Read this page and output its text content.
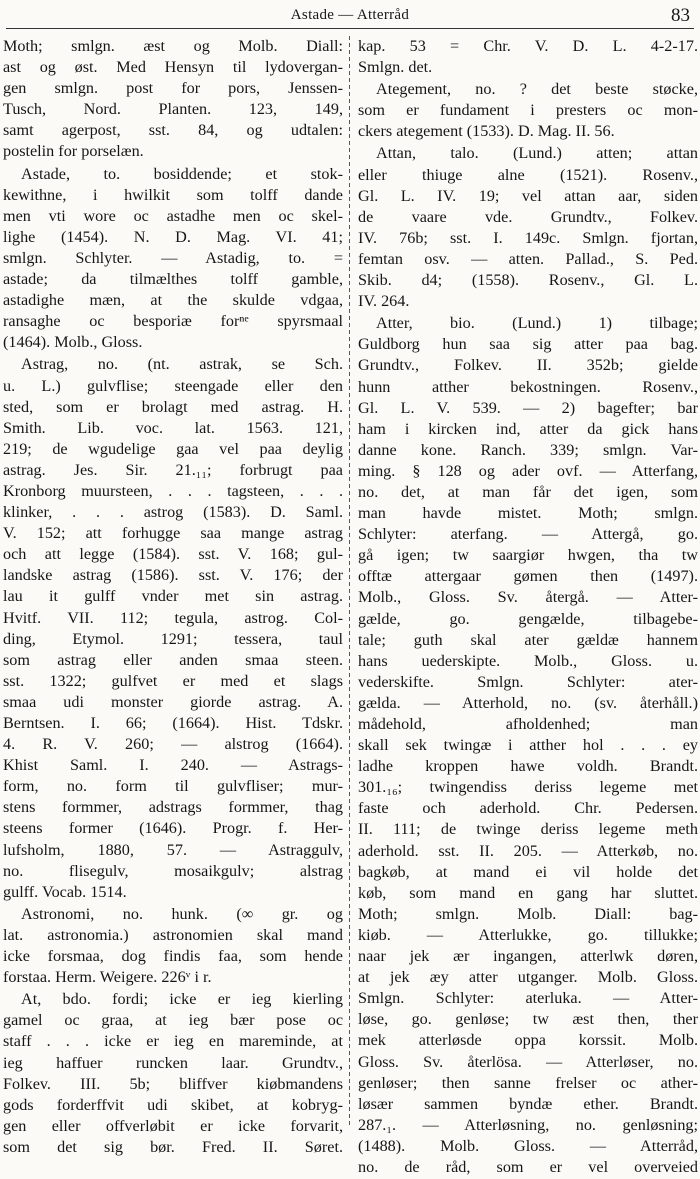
Astade — Atterråd	83
Moth; smlgn. æst og Molb. Diall:
ast og øst. Med Hensyn til lydovergan-
gen smlgn. post for pors, Jenssen-
Tusch, Nord. Planten. 123, 149,
samt agerpost, sst. 84, og udtalen:
postelin for porselæn.
Astade, to. bosiddende; et stok-
kewithne, i hwilkit som tolff dande
men vti wore oc astadhe men oc skel-
lighe (1454). N. D. Mag. VI. 41;
smlgn. Schlyter. — Astadig, to. =
astade; da tilmælthes tolff gamble,
astadighe mæn, at the skulde vdgaa,
ransaghe oc besporiæ forⁿᵉ spyrsmaal
(1464). Molb., Gloss.
Astrag, no. (nt. astrak, se Sch.
u. L.) gulvflise; steengade eller den
sted, som er brolagt med astrag. H.
Smith. Lib. voc. lat. 1563. 121,
219; de wgudelige gaa vel paa deylig
astrag. Jes. Sir. 21.₁₁; forbrugt paa
Kronborg muursteen, . . . tagsteen, . . .
klinker, . . . astrog (1583). D. Saml.
V. 152; att forhugge saa mange astrag
och att legge (1584). sst. V. 168; gul-
landske astrag (1586). sst. V. 176; der
lau it gulff vnder met sin astrag.
Hvitf. VII. 112; tegula, astrog. Col-
ding, Etymol. 1291; tessera, taul
som astrag eller anden smaa steen.
sst. 1322; gulfvet er med et slags
smaa udi monster giorde astrag. A.
Berntsen. I. 66; (1664). Hist. Tdskr.
4. R. V. 260; — alstrog (1664).
Khist Saml. I. 240. — Astrags-
form, no. form til gulvfliser; mur-
stens formmer, adstrags formmer, thag
steens former (1646). Progr. f. Her-
lufsholm, 1880, 57. — Astraggulv,
no. flisegulv, mosaikgulv; alstrag
gulff. Vocab. 1514.
Astronomi, no. hunk. (∞ gr. og
lat. astronomia.) astronomien skal mand
icke forsmaa, dog findis faa, som hende
forstaa. Herm. Weigere. 226ᵛ i r.
At, bdo. fordi; icke er ieg kierling
gamel oc graa, at ieg bær pose oc
staff . . . icke er ieg en mareminde, at
ieg haffuer runcken laar. Grundtv.,
Folkev. III. 5b; bliffver kiøbmandens
gods forderffvit udi skibet, at kobryg-
gen eller offverløbit er icke forvarit,
som det sig bør. Fred. II. Søret.
kap. 53 = Chr. V. D. L. 4-2-17.
Smlgn. det.
Ategement, no. ? det beste støcke,
som er fundament i presters oc mon-
ckers ategement (1533). D. Mag. II. 56.
Attan, talo. (Lund.) atten; attan
eller thiuge alne (1521). Rosenv.,
Gl. L. IV. 19; vel attan aar, siden
de vaare vde. Grundtv., Folkev.
IV. 76b; sst. I. 149c. Smlgn. fjortan,
femtan osv. — atten. Pallad., S. Ped.
Skib. d4; (1558). Rosenv., Gl. L.
IV. 264.
Atter, bio. (Lund.) 1) tilbage;
Guldborg hun saa sig atter paa bag.
Grundtv., Folkev. II. 352b; gielde
hunn atther bekostningen. Rosenv.,
Gl. L. V. 539. — 2) bagefter; bar
ham i kircken ind, atter da gick hans
danne kone. Ranch. 339; smlgn. Var-
ming. § 128 og ader ovf. — Atterfang,
no. det, at man får det igen, som
man havde mistet. Moth; smlgn.
Schlyter: aterfang. — Attergå, go.
gå igen; tw saargiør hwgen, tha tw
offtæ attergaar gømen then (1497).
Molb., Gloss. Sv. återgå. — Atter-
gælde, go. gengælde, tilbagebe-
tale; guth skal ater gældæ hannem
hans uederskipte. Molb., Gloss. u.
vederskifte. Smlgn. Schlyter: ater-
gælda. — Atterhold, no. (sv. återhåll.)
mådehold, afholdenhed; man
skall sek twingæ i atther hol . . . ey
ladhe kroppen hawe voldh. Brandt.
301.₁₆; twingendiss deriss legeme met
faste och aderhold. Chr. Pedersen.
II. 111; de twinge deriss legeme meth
aderhold. sst. II. 205. — Atterkøb, no.
bagkøb, at mand ei vil holde det
køb, som mand en gang har sluttet.
Moth; smlgn. Molb. Diall: bag-
kiøb. — Atterlukke, go. tillukke;
naar jek ær ingangen, atterlwk døren,
at jek æy atter utganger. Molb. Gloss.
Smlgn. Schlyter: aterluka. — Atter-
løse, go. genløse; tw æst then, ther
mek atterløsde oppa korssit. Molb.
Gloss. Sv. återlösa. — Atterløser, no.
genløser; then sanne frelser oc ather-
løsær sammen byndæ ether. Brandt.
287.₁. — Atterløsning, no. genløsning;
(1488). Molb. Gloss. — Atterråd,
no. de råd, som er vel overveied
